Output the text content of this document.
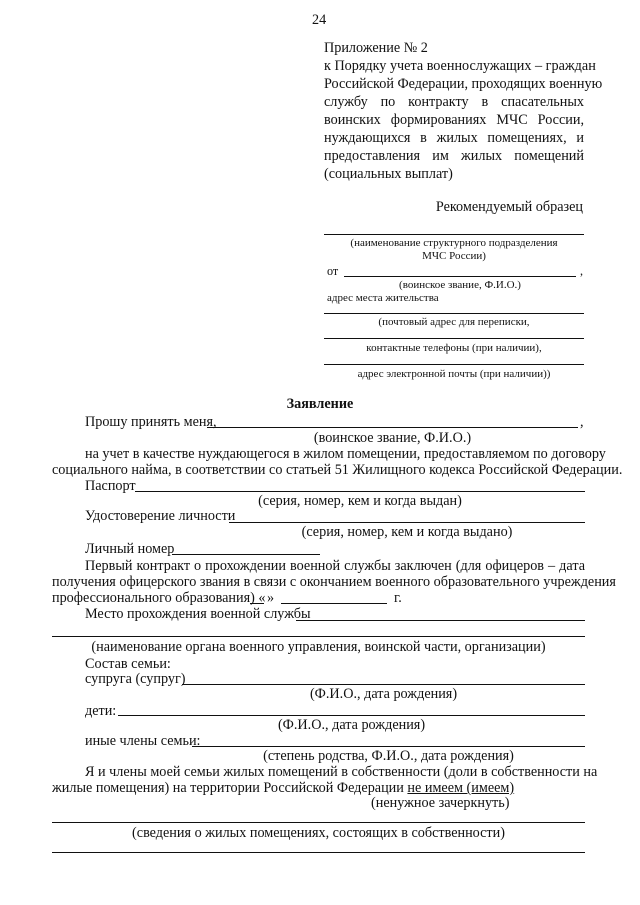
24
Приложение № 2
к Порядку учета военнослужащих – граждан
Российской Федерации, проходящих военную
службу по контракту в спасательных
воинских формированиях МЧС России,
нуждающихся в жилых помещениях, и
предоставления им жилых помещений
(социальных выплат)
Рекомендуемый образец
(наименование структурного подразделения
МЧС России)
от	,
(воинское звание, Ф.И.О.)
адрес места жительства
(почтовый адрес для переписки,
контактные телефоны (при наличии),
адрес электронной почты (при наличии))
Заявление
Прошу принять меня,	,
(воинское звание, Ф.И.О.)
на учет в качестве нуждающегося в жилом помещении, предоставляемом по договору
социального найма, в соответствии со статьей 51 Жилищного кодекса Российской Федерации.
Паспорт
(серия, номер, кем и когда выдан)
Удостоверение личности
(серия, номер, кем и когда выдано)
Личный номер
Первый контракт о прохождении военной службы заключен (для офицеров – дата
получения офицерского звания в связи с окончанием военного образовательного учреждения
профессионального образования) « »	г.
Место прохождения военной службы
(наименование органа военного управления, воинской части, организации)
Состав семьи:
супруга (супруг)
(Ф.И.О., дата рождения)
дети:
(Ф.И.О., дата рождения)
иные члены семьи:
(степень родства, Ф.И.О., дата рождения)
Я и члены моей семьи жилых помещений в собственности (доли в собственности на
жилые помещения) на территории Российской Федерации не имеем (имеем)
(ненужное зачеркнуть)
(сведения о жилых помещениях, состоящих в собственности)
